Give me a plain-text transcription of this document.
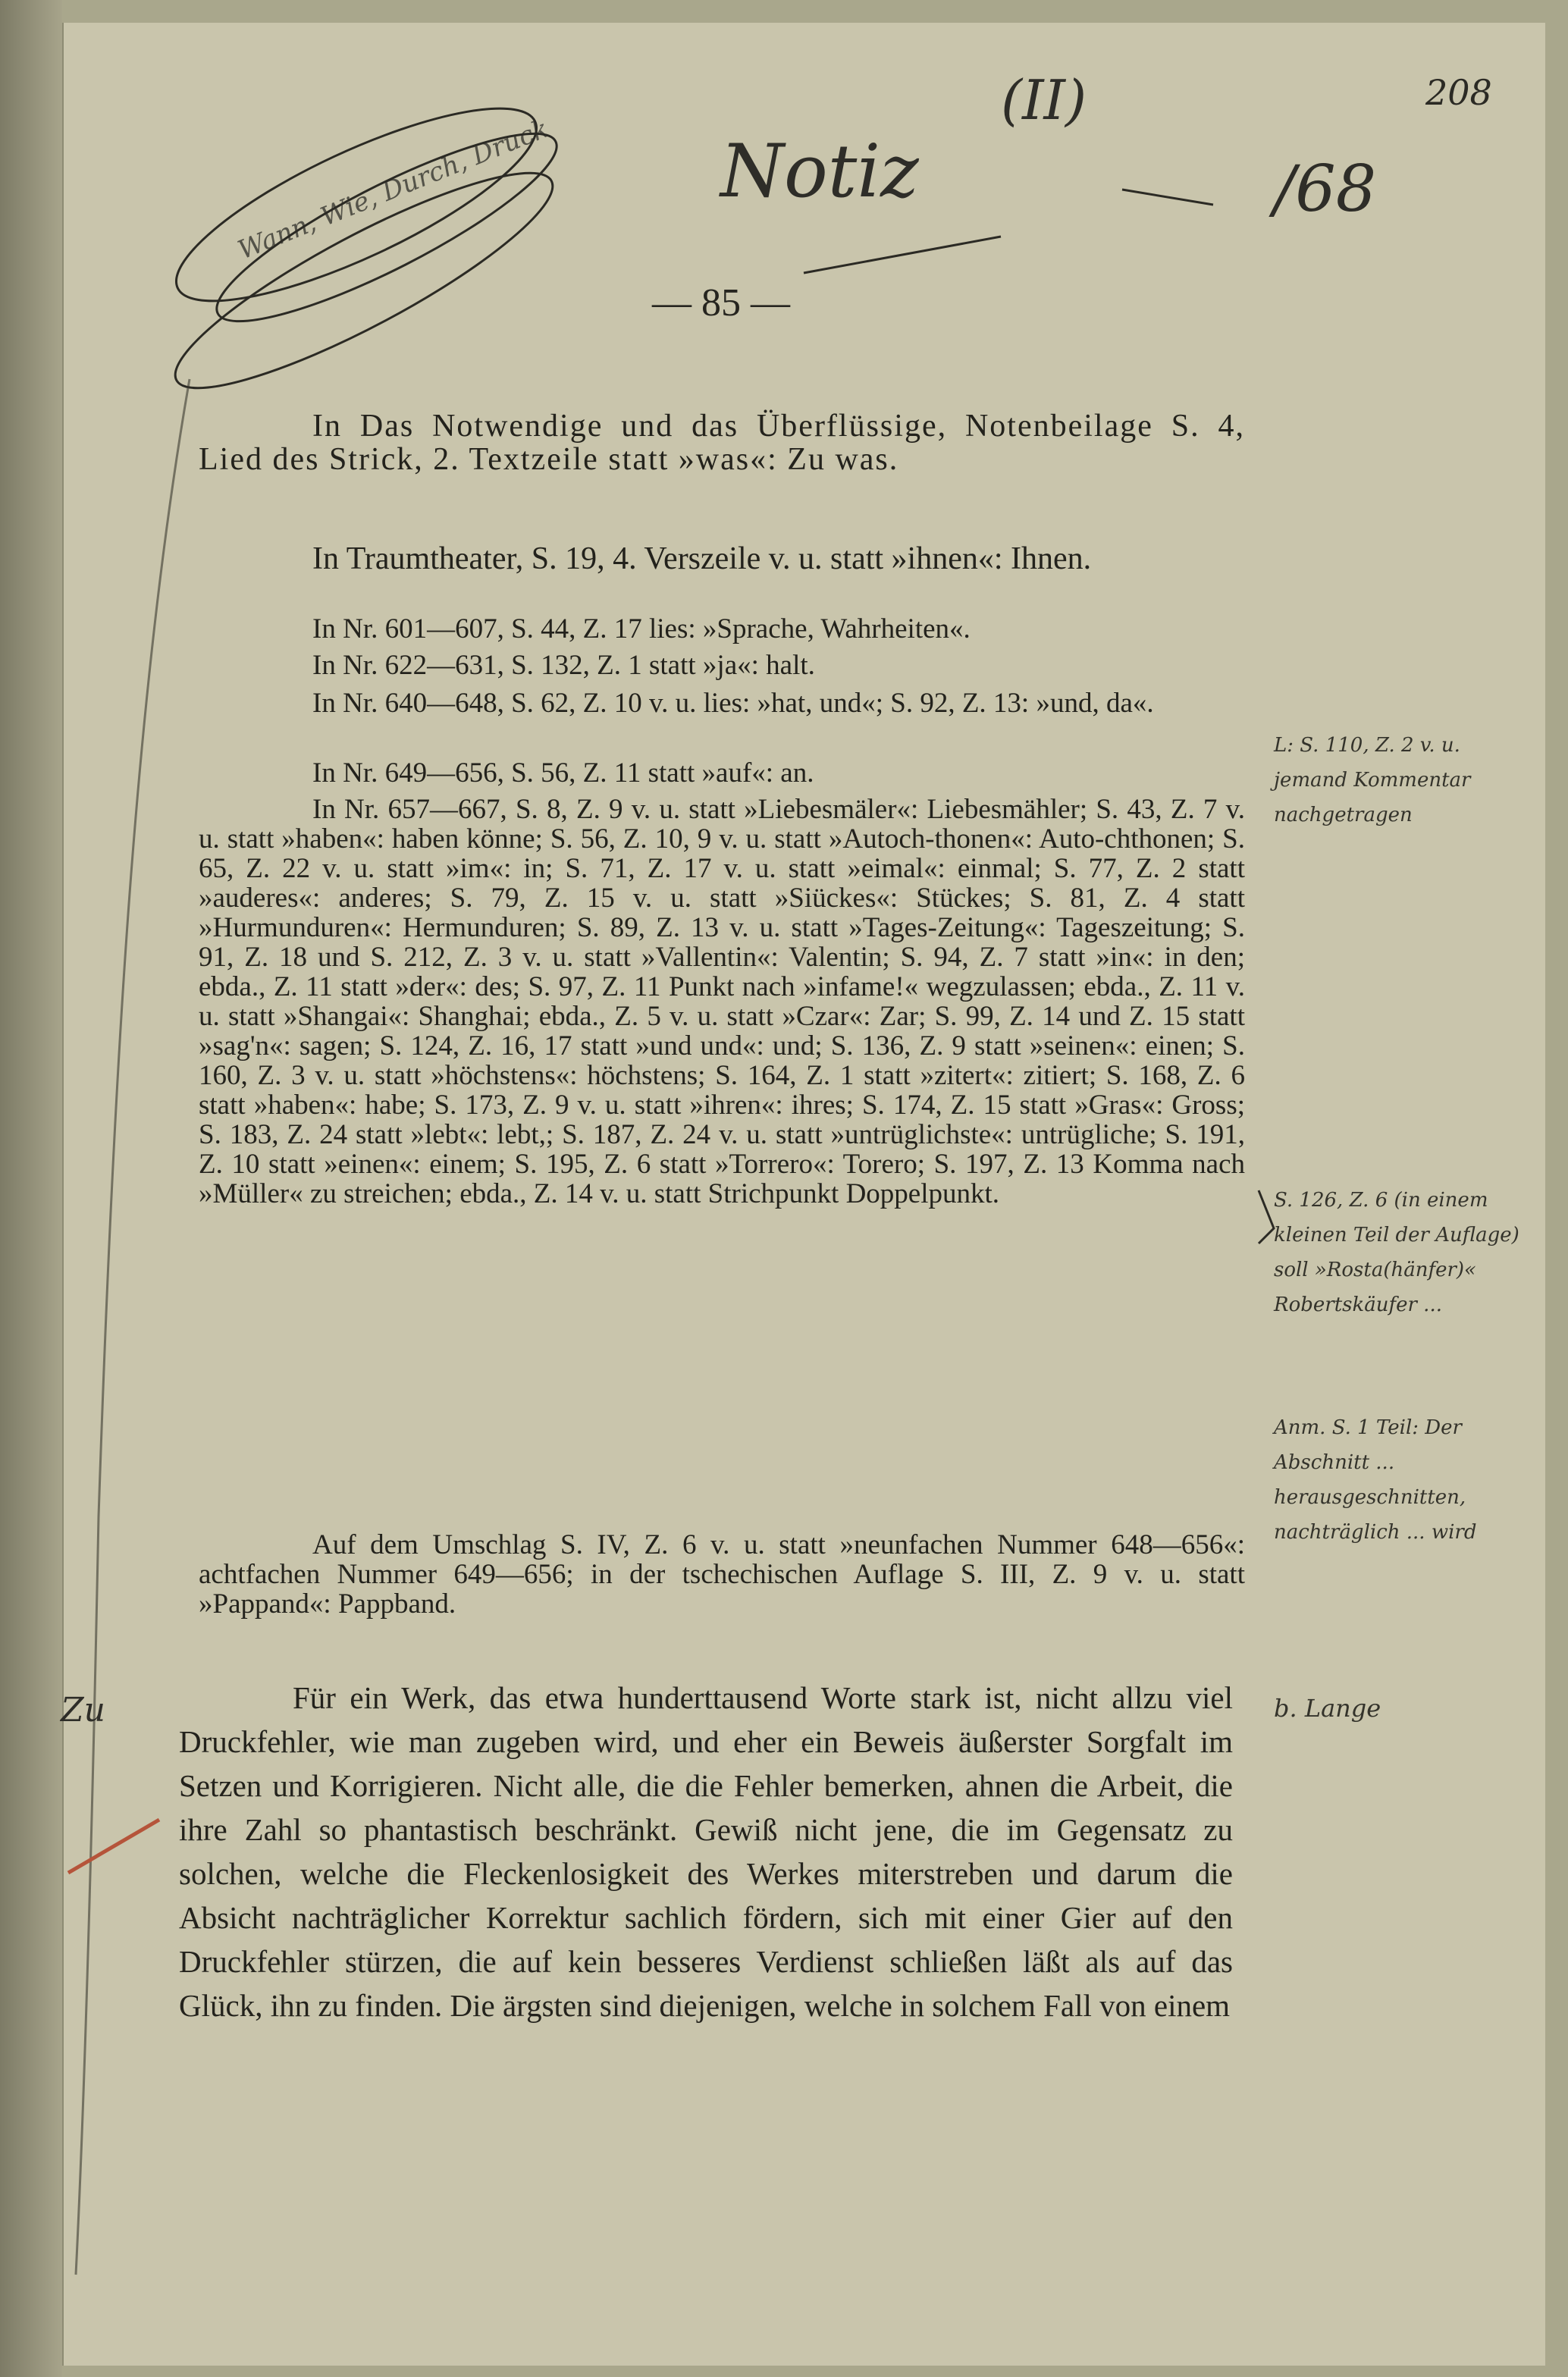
208
(II)
Notiz	/68
Wann, Wie, Durch, Druck
— 85 —
In Das Notwendige und das Überflüssige, Notenbeilage S. 4, Lied des Strick, 2. Textzeile statt »was«: Zu was.
In Traumtheater, S. 19, 4. Verszeile v. u. statt »ihnen«: Ihnen.
In Nr. 601—607, S. 44, Z. 17 lies: »Sprache, Wahrheiten«.
In Nr. 622—631, S. 132, Z. 1 statt »ja«: halt.
In Nr. 640—648, S. 62, Z. 10 v. u. lies: »hat, und«; S. 92, Z. 13: »und, da«.
In Nr. 649—656, S. 56, Z. 11 statt »auf«: an.
In Nr. 657—667, S. 8, Z. 9 v. u. statt »Liebesmäler«: Liebesmähler; S. 43, Z. 7 v. u. statt »haben«: haben könne; S. 56, Z. 10, 9 v. u. statt »Autoch-thonen«: Auto-chthonen; S. 65, Z. 22 v. u. statt »im«: in; S. 71, Z. 17 v. u. statt »eimal«: einmal; S. 77, Z. 2 statt »auderes«: anderes; S. 79, Z. 15 v. u. statt »Siückes«: Stückes; S. 81, Z. 4 statt »Hurmunduren«: Hermunduren; S. 89, Z. 13 v. u. statt »Tages-Zeitung«: Tageszeitung; S. 91, Z. 18 und S. 212, Z. 3 v. u. statt »Vallentin«: Valentin; S. 94, Z. 7 statt »in«: in den; ebda., Z. 11 statt »der«: des; S. 97, Z. 11 Punkt nach »infame!« wegzulassen; ebda., Z. 11 v. u. statt »Shangai«: Shanghai; ebda., Z. 5 v. u. statt »Czar«: Zar; S. 99, Z. 14 und Z. 15 statt »sag'n«: sagen; S. 124, Z. 16, 17 statt »und und«: und; S. 136, Z. 9 statt »seinen«: einen; S. 160, Z. 3 v. u. statt »höchstens«: höchstens; S. 164, Z. 1 statt »zitert«: zitiert; S. 168, Z. 6 statt »haben«: habe; S. 173, Z. 9 v. u. statt »ihren«: ihres; S. 174, Z. 15 statt »Gras«: Gross; S. 183, Z. 24 statt »lebt«: lebt,; S. 187, Z. 24 v. u. statt »untrüglichste«: untrügliche; S. 191, Z. 10 statt »einen«: einem; S. 195, Z. 6 statt »Torrero«: Torero; S. 197, Z. 13 Komma nach »Müller« zu streichen; ebda., Z. 14 v. u. statt Strichpunkt Doppelpunkt.
Auf dem Umschlag S. IV, Z. 6 v. u. statt »neunfachen Nummer 648—656«: achtfachen Nummer 649—656; in der tschechischen Auflage S. III, Z. 9 v. u. statt »Pappand«: Pappband.
Für ein Werk, das etwa hunderttausend Worte stark ist, nicht allzu viel Druckfehler, wie man zugeben wird, und eher ein Beweis äußerster Sorgfalt im Setzen und Korrigieren. Nicht alle, die die Fehler bemerken, ahnen die Arbeit, die ihre Zahl so phantastisch beschränkt. Gewiß nicht jene, die im Gegensatz zu solchen, welche die Fleckenlosigkeit des Werkes miterstreben und darum die Absicht nachträglicher Korrektur sachlich fördern, sich mit einer Gier auf den Druckfehler stürzen, die auf kein besseres Verdienst schließen läßt als auf das Glück, ihn zu finden. Die ärgsten sind diejenigen, welche in solchem Fall von einem
L: S. 110, Z. 2 v. u. jemand Kommentar nachgetragen
S. 126, Z. 6 (in einem kleinen Teil der Auflage) soll »Rosta(hänfer)« Robertskäufer ...
Anm. S. 1 Teil: Der Abschnitt ... herausgeschnitten, nachträglich ... wird
b. Lange
Zu
